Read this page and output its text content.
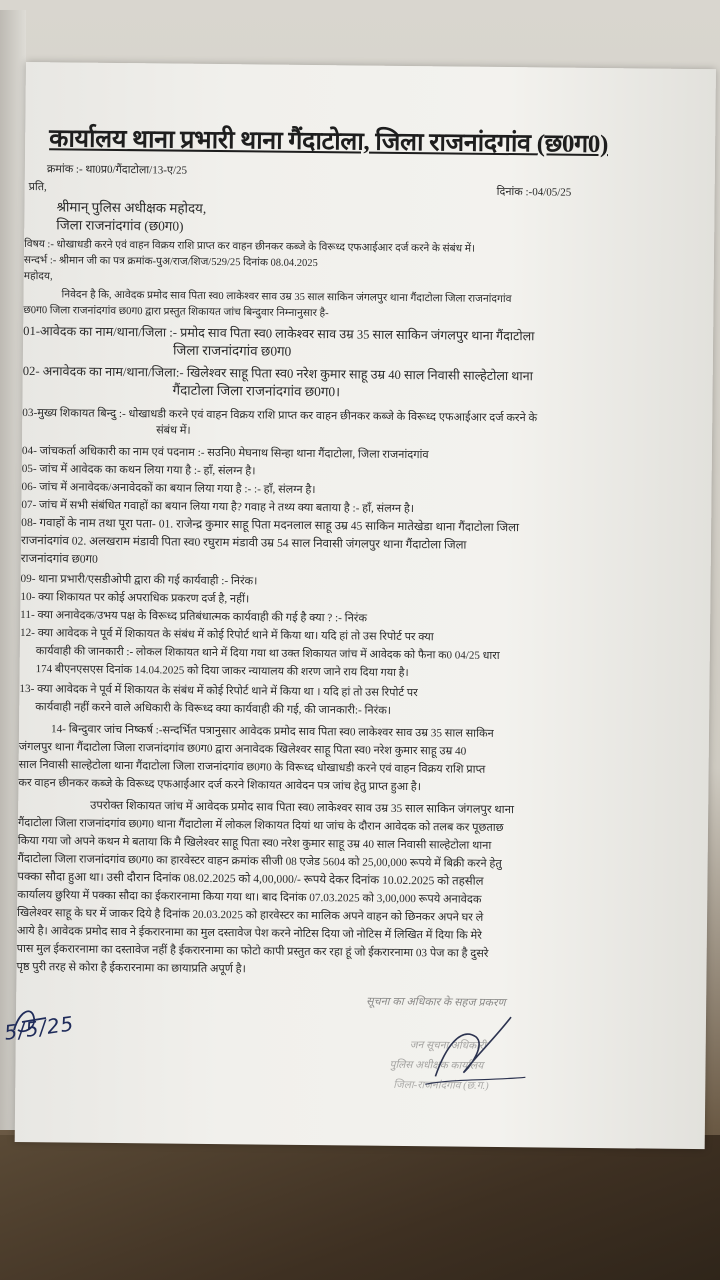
कार्यालय थाना प्रभारी थाना गैंदाटोला, जिला राजनांदगांव (छ0ग0)
क्रमांक :- था0प्र0/गैंदाटोला/13-ए/25
प्रति,	दिनांक :-04/05/25
श्रीमान् पुलिस अधीक्षक महोदय,
जिला राजनांदगांव (छ0ग0)
विषय :- धोखाधडी करने एवं वाहन विक्रय राशि प्राप्त कर वाहन छीनकर कब्जे के विरूध्द एफआईआर दर्ज करने के संबंध में।
सन्दर्भ :- श्रीमान जी का पत्र क्रमांक-पुअ/राज/शिज/529/25 दिनांक 08.04.2025
महोदय,
निवेदन है कि, आवेदक प्रमोद साव पिता स्व0 लाकेश्वर साव उम्र 35 साल साकिन जंगलपुर थाना गैंदाटोला जिला राजनांदगांव
छ0ग0 जिला राजनांदगांव छ0ग0 द्वारा प्रस्तुत शिकायत जांच बिन्दुवार निम्नानुसार है-
01-आवेदक का नाम/थाना/जिला :- प्रमोद साव पिता स्व0 लाकेश्वर साव उम्र 35 साल साकिन जंगलपुर थाना गैंदाटोला
जिला राजनांदगांव छ0ग0
02- अनावेदक का नाम/थाना/जिला:- खिलेश्वर साहू पिता स्व0 नरेश कुमार साहू उम्र 40 साल निवासी साल्हेटोला थाना
गैंदाटोला जिला राजनांदगांव छ0ग0।
03-मुख्य शिकायत बिन्दु :- धोखाधडी करने एवं वाहन विक्रय राशि प्राप्त कर वाहन छीनकर कब्जे के विरूध्द एफआईआर दर्ज करने के
संबंध में।
04- जांचकर्ता अधिकारी का नाम एवं पदनाम :- सउनि0 मेघनाथ सिन्हा थाना गैंदाटोला, जिला राजनांदगांव
05- जांच में आवेदक का कथन लिया गया है :- हाँ, संलग्न है।
06- जांच में अनावेदक/अनावेदकों का बयान लिया गया है :- :- हाँ, संलग्न है।
07- जांच में सभी संबंधित गवाहों का बयान लिया गया है? गवाह ने तथ्य क्या बताया है :- हाँ, संलग्न है।
08- गवाहों के नाम तथा पूरा पता- 01. राजेन्द्र कुमार साहू पिता मदनलाल साहू उम्र 45 साकिन मातेखेडा थाना गैंदाटोला जिला
राजनांदगांव 02. अलखराम मंडावी पिता स्व0 रघुराम मंडावी उम्र 54 साल निवासी जंगलपुर थाना गैंदाटोला जिला
राजनांदगांव छ0ग0
09- थाना प्रभारी/एसडीओपी द्वारा की गई कार्यवाही :- निरंक।
10- क्या शिकायत पर कोई अपराधिक प्रकरण दर्ज है, नहीं।
11- क्या अनावेदक/उभय पक्ष के विरूध्द प्रतिबंधात्मक कार्यवाही की गई है क्या ? :- निरंक
12- क्या आवेदक ने पूर्व में शिकायत के संबंध में कोई रिपोर्ट थाने में किया था। यदि हां तो उस रिपोर्ट पर क्या
कार्यवाही की जानकारी :- लोकल शिकायत थाने में दिया गया था उक्त शिकायत जांच में आवेदक को फैना क0 04/25 धारा
174 बीएनएसएस दिनांक 14.04.2025 को दिया जाकर न्यायालय की शरण जाने राय दिया गया है।
13- क्या आवेदक ने पूर्व में शिकायत के संबंध में कोई रिपोर्ट थाने में किया था । यदि हां तो उस रिपोर्ट पर
कार्यवाही नहीं करने वाले अधिकारी के विरूध्द क्या कार्यवाही की गई, की जानकारी:- निरंक।
14- बिन्दुवार जांच निष्कर्ष :-सन्दर्भित पत्रानुसार आवेदक प्रमोद साव पिता स्व0 लाकेश्वर साव उम्र 35 साल साकिन
जंगलपुर थाना गैंदाटोला जिला राजनांदगांव छ0ग0 द्वारा अनावेदक खिलेश्वर साहू पिता स्व0 नरेश कुमार साहू उम्र 40
साल निवासी साल्हेटोला थाना गैंदाटोला जिला राजनांदगांव छ0ग0 के विरूध्द धोखाधडी करने एवं वाहन विक्रय राशि प्राप्त
कर वाहन छीनकर कब्जे के विरूध्द एफआईआर दर्ज करने शिकायत आवेदन पत्र जांच हेतु प्राप्त हुआ है।
उपरोक्त शिकायत जांच में आवेदक प्रमोद साव पिता स्व0 लाकेश्वर साव उम्र 35 साल साकिन जंगलपुर थाना
गैंदाटोला जिला राजनांदगांव छ0ग0 थाना गैंदाटोला में लोकल शिकायत दियां था जांच के दौरान आवेदक को तलब कर पूछताछ
किया गया जो अपने कथन मे बताया कि मै खिलेश्वर साहू पिता स्व0 नरेश कुमार साहू उम्र 40 साल निवासी साल्हेटोला थाना
गैंदाटोला जिला राजनांदगांव छ0ग0 का हारवेस्टर वाहन क्रमांक सीजी 08 एजेड 5604 को 25,00,000 रूपये में बिक्री करने हेतु
पक्का सौदा हुआ था। उसी दौरान दिनांक 08.02.2025 को 4,00,000/- रूपये देकर दिनांक 10.02.2025 को तहसील
कार्यालय छुरिया में पक्का सौदा का ईकरारनामा किया गया था। बाद दिनांक 07.03.2025 को 3,00,000 रूपये अनावेदक
खिलेश्वर साहू के घर में जाकर दिये है दिनांक 20.03.2025 को हारवेस्टर का मालिक अपने वाहन को छिनकर अपने घर ले
आये है। आवेदक प्रमोद साव ने ईकरारनामा का मुल दस्तावेज पेश करने नोटिस दिया जो नोटिस में लिखित में दिया कि मेरे
पास मुल ईकरारनामा का दस्तावेज नहीं है ईकरारनामा का फोटो कापी प्रस्तुत कर रहा हूं जो ईकरारनामा 03 पेज का है दुसरे
पृष्ठ पुरी तरह से कोरा है ईकरारनामा का छायाप्रति अपूर्ण है।
सूचना का अधिकार के सहज प्रकरण
जन सूचना अधिकारी
पुलिस अधीक्षक कार्यालय
जिला-राजनांदगांव (छ.ग.)
5/5/25
